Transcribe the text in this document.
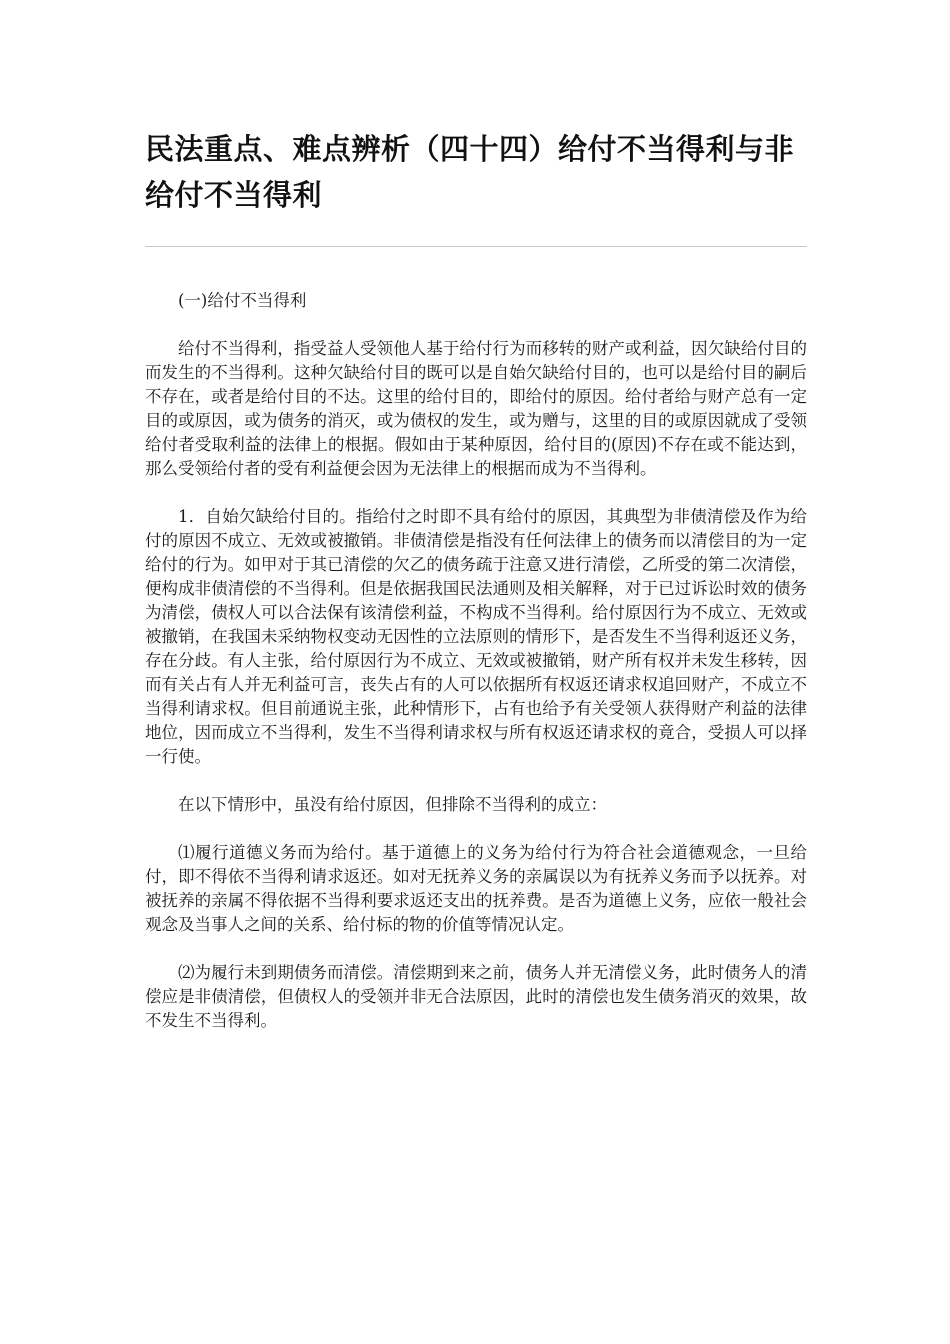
民法重点、难点辨析（四十四）给付不当得利与非给付不当得利

(一)给付不当得利

给付不当得利，指受益人受领他人基于给付行为而移转的财产或利益，因欠缺给付目的而发生的不当得利。这种欠缺给付目的既可以是自始欠缺给付目的，也可以是给付目的嗣后不存在，或者是给付目的不达。这里的给付目的，即给付的原因。给付者给与财产总有一定目的或原因，或为债务的消灭，或为债权的发生，或为赠与，这里的目的或原因就成了受领给付者受取利益的法律上的根据。假如由于某种原因，给付目的(原因)不存在或不能达到，那么受领给付者的受有利益便会因为无法律上的根据而成为不当得利。

1．自始欠缺给付目的。指给付之时即不具有给付的原因，其典型为非债清偿及作为给付的原因不成立、无效或被撤销。非债清偿是指没有任何法律上的债务而以清偿目的为一定给付的行为。如甲对于其已清偿的欠乙的债务疏于注意又进行清偿，乙所受的第二次清偿，便构成非债清偿的不当得利。但是依据我国民法通则及相关解释，对于已过诉讼时效的债务为清偿，债权人可以合法保有该清偿利益，不构成不当得利。给付原因行为不成立、无效或被撤销，在我国未采纳物权变动无因性的立法原则的情形下，是否发生不当得利返还义务，存在分歧。有人主张，给付原因行为不成立、无效或被撤销，财产所有权并未发生移转，因而有关占有人并无利益可言，丧失占有的人可以依据所有权返还请求权追回财产，不成立不当得利请求权。但目前通说主张，此种情形下，占有也给予有关受领人获得财产利益的法律地位，因而成立不当得利，发生不当得利请求权与所有权返还请求权的竟合，受损人可以择一行使。

在以下情形中，虽没有给付原因，但排除不当得利的成立：

⑴履行道德义务而为给付。基于道德上的义务为给付行为符合社会道德观念，一旦给付，即不得依不当得利请求返还。如对无抚养义务的亲属误以为有抚养义务而予以抚养。对被抚养的亲属不得依据不当得利要求返还支出的抚养费。是否为道德上义务，应依一般社会观念及当事人之间的关系、给付标的物的价值等情况认定。

⑵为履行未到期债务而清偿。清偿期到来之前，债务人并无清偿义务，此时债务人的清偿应是非债清偿，但债权人的受领并非无合法原因，此时的清偿也发生债务消灭的效果，故不发生不当得利。
